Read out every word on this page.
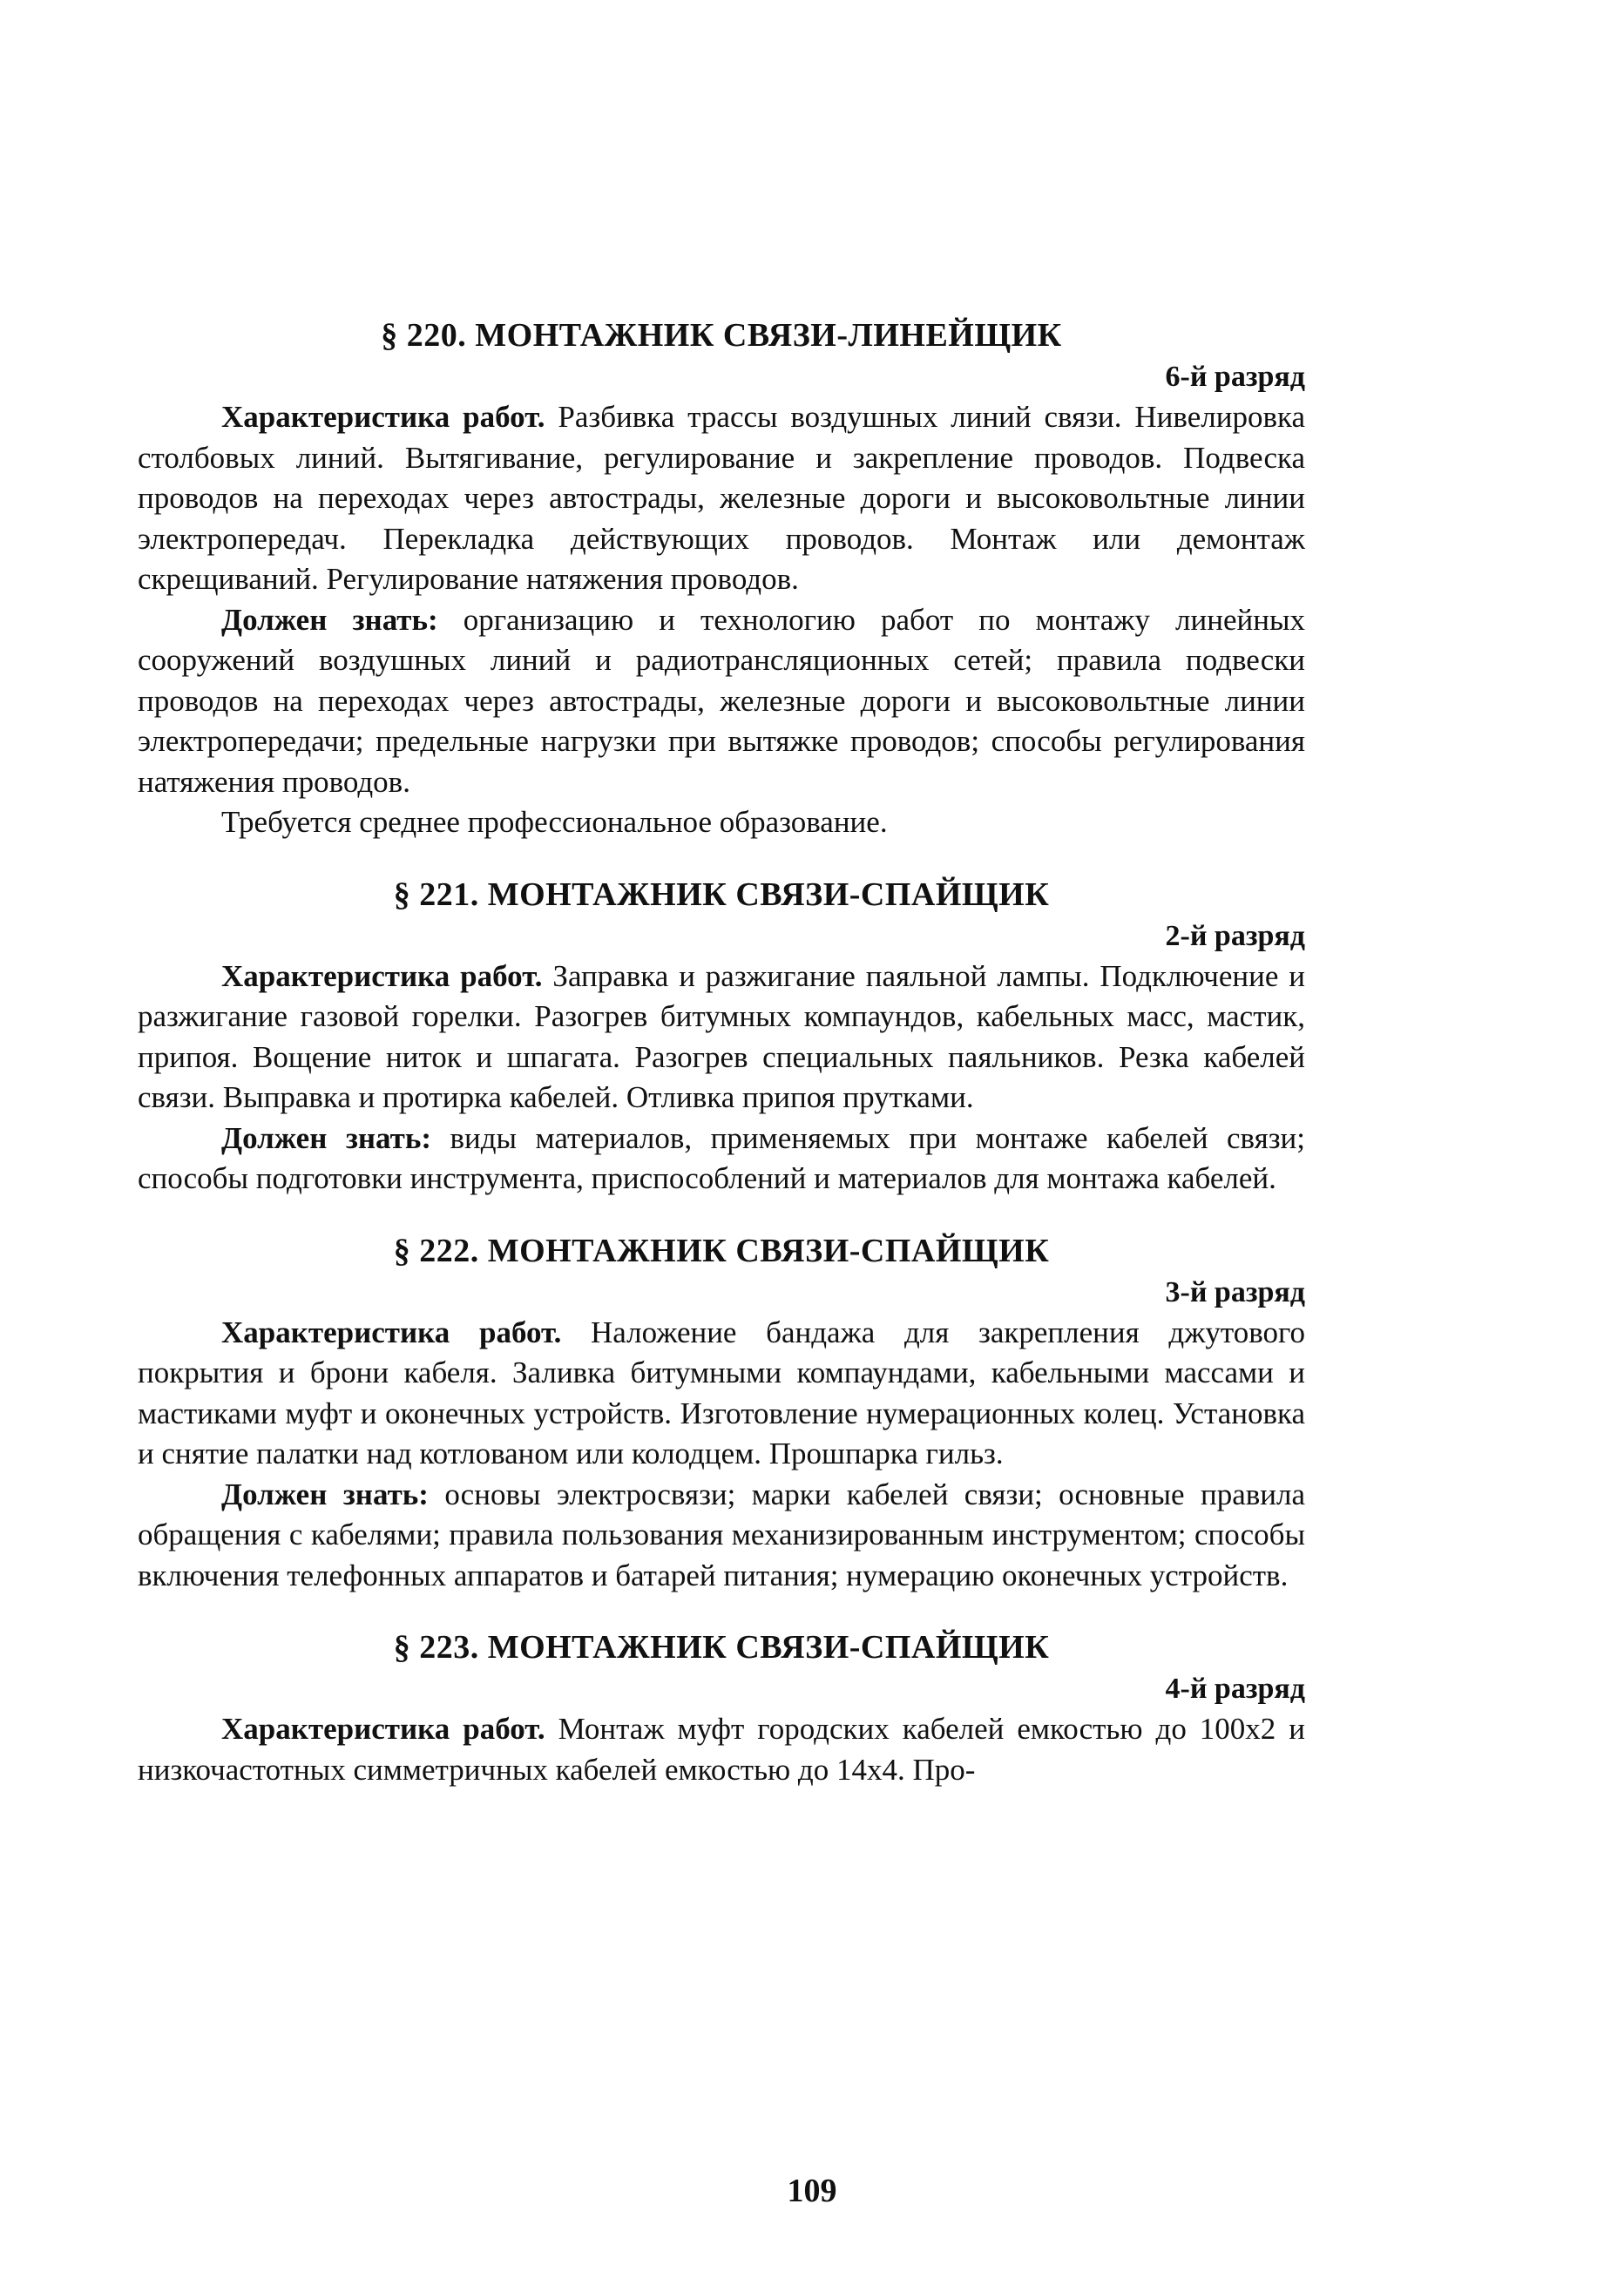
§ 220. МОНТАЖНИК СВЯЗИ-ЛИНЕЙЩИК

6-й разряд

Характеристика работ. Разбивка трассы воздушных линий связи. Нивелировка столбовых линий. Вытягивание, регулирование и закрепление проводов. Подвеска проводов на переходах через автострады, железные дороги и высоковольтные линии электропередач. Перекладка действующих проводов. Монтаж или демонтаж скрещиваний. Регулирование натяжения проводов.

Должен знать: организацию и технологию работ по монтажу линейных сооружений воздушных линий и радиотрансляционных сетей; правила подвески проводов на переходах через автострады, железные дороги и высоковольтные линии электропередачи; предельные нагрузки при вытяжке проводов; способы регулирования натяжения проводов.

Требуется среднее профессиональное образование.

§ 221. МОНТАЖНИК СВЯЗИ-СПАЙЩИК

2-й разряд

Характеристика работ. Заправка и разжигание паяльной лампы. Подключение и разжигание газовой горелки. Разогрев битумных компаундов, кабельных масс, мастик, припоя. Вощение ниток и шпагата. Разогрев специальных паяльников. Резка кабелей связи. Выправка и протирка кабелей. Отливка припоя прутками.

Должен знать: виды материалов, применяемых при монтаже кабелей связи; способы подготовки инструмента, приспособлений и материалов для монтажа кабелей.

§ 222. МОНТАЖНИК СВЯЗИ-СПАЙЩИК

3-й разряд

Характеристика работ. Наложение бандажа для закрепления джутового покрытия и брони кабеля. Заливка битумными компаундами, кабельными массами и мастиками муфт и оконечных устройств. Изготовление нумерационных колец. Установка и снятие палатки над котлованом или колодцем. Прошпарка гильз.

Должен знать: основы электросвязи; марки кабелей связи; основные правила обращения с кабелями; правила пользования механизированным инструментом; способы включения телефонных аппаратов и батарей питания; нумерацию оконечных устройств.

§ 223. МОНТАЖНИК СВЯЗИ-СПАЙЩИК

4-й разряд

Характеристика работ. Монтаж муфт городских кабелей емкостью до 100х2 и низкочастотных симметричных кабелей емкостью до 14х4. Про-

109
